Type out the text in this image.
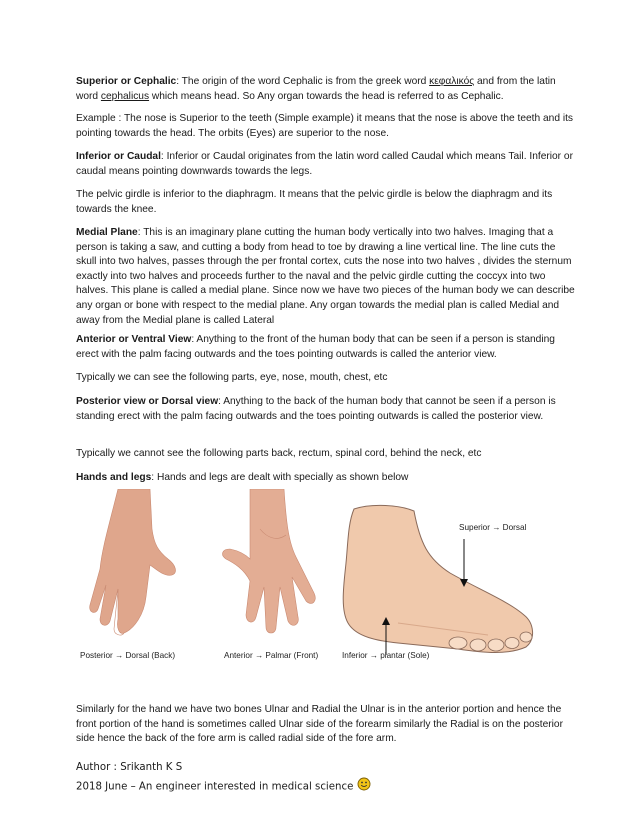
Superior or Cephalic: The origin of the word Cephalic is from the greek word κεφαλικός and from the latin word cephalicus which means head. So Any organ towards the head is referred to as Cephalic.

Example : The nose is Superior to the teeth (Simple example) it means that the nose is above the teeth and its pointing towards the head. The orbits (Eyes) are superior to the nose.

Inferior or Caudal: Inferior or Caudal originates from the latin word called Caudal which means Tail. Inferior or caudal means pointing downwards towards the legs.

The pelvic girdle is inferior to the diaphragm. It means that the pelvic girdle is below the diaphragm and its towards the knee.

Medial Plane: This is an imaginary plane cutting the human body vertically into two halves. Imaging that a person is taking a saw, and cutting a body from head to toe by drawing a line vertical line. The line cuts the skull into two halves, passes through the per frontal cortex, cuts the nose into two halves , divides the sternum exactly into two halves and proceeds further to the naval and the pelvic girdle cutting the coccyx into two halves. This plane is called a medial plane. Since now we have two pieces of the human body we can describe any organ or bone with respect to the medial plane. Any organ towards the medial plan is called Medial and away from the Medial plane is called Lateral

Anterior or Ventral View: Anything to the front of the human body that can be seen if a person is standing erect with the palm facing outwards and the toes pointing outwards is called the anterior view.

Typically we can see the following parts, eye, nose, mouth, chest, etc

Posterior view or Dorsal view: Anything to the back of the human body that cannot be seen if a person is standing erect with the palm facing outwards and the toes pointing outwards is called the posterior view.

Typically we cannot see the following parts back, rectum, spinal cord, behind the neck, etc

Hands and legs: Hands and legs are dealt with specially as shown below

Superior → Dorsal
Posterior → Dorsal (Back)	Anterior → Palmar (Front)	Inferior → plantar (Sole)

Similarly for the hand we have two bones Ulnar and Radial the Ulnar is in the anterior portion and hence the front portion of the hand is sometimes called Ulnar side of the forearm similarly the Radial is on the posterior side hence the back of the fore arm is called radial side of the fore arm.

Author : Srikanth K S
2018 June – An engineer interested in medical science
